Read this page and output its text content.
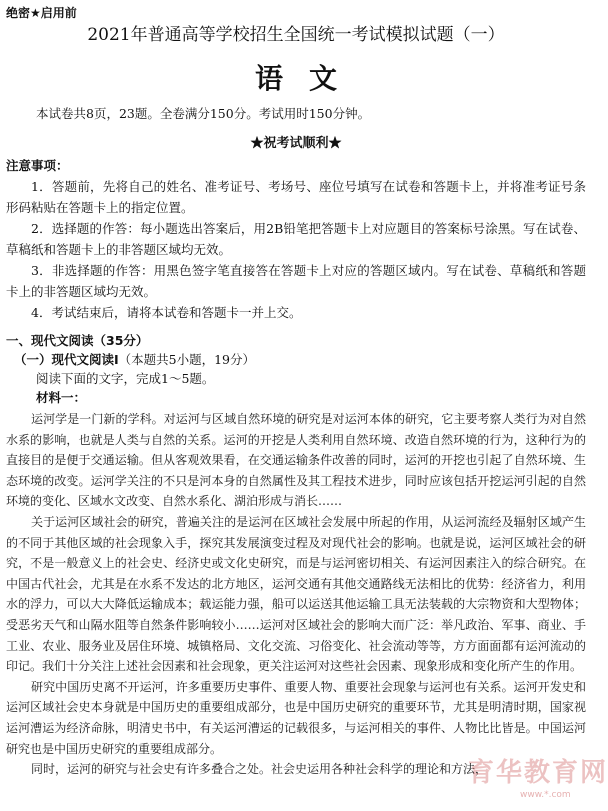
绝密★启用前
2021年普通高等学校招生全国统一考试模拟试题（一）
语文
本试卷共8页，23题。全卷满分150分。考试用时150分钟。
★祝考试顺利★
注意事项：

1．答题前，先将自己的姓名、准考证号、考场号、座位号填写在试卷和答题卡上，并将准考证号条形码粘贴在答题卡上的指定位置。

2．选择题的作答：每小题选出答案后，用2B铅笔把答题卡上对应题目的答案标号涂黑。写在试卷、草稿纸和答题卡上的非答题区域均无效。

3．非选择题的作答：用黑色签字笔直接答在答题卡上对应的答题区域内。写在试卷、草稿纸和答题卡上的非答题区域均无效。

4．考试结束后，请将本试卷和答题卡一并上交。

一、现代文阅读（35分）
（一）现代文阅读Ⅰ（本题共5小题，19分）
阅读下面的文字，完成1～5题。
材料一：

运河学是一门新的学科。对运河与区域自然环境的研究是对运河本体的研究，它主要考察人类行为对自然水系的影响，也就是人类与自然的关系。运河的开挖是人类利用自然环境、改造自然环境的行为，这种行为的直接目的是便于交通运输。但从客观效果看，在交通运输条件改善的同时，运河的开挖也引起了自然环境、生态环境的改变。运河学关注的不只是河本身的自然属性及其工程技术进步，同时应该包括开挖运河引起的自然环境的变化、区域水文改变、自然水系化、湖泊形成与消长……

关于运河区域社会的研究，普遍关注的是运河在区域社会发展中所起的作用，从运河流经及辐射区域产生的不同于其他区域的社会现象入手，探究其发展演变过程及对现代社会的影响。也就是说，运河区域社会的研究，不是一般意义上的社会史、经济史或文化史研究，而是与运河密切相关、有运河因素注入的综合研究。在中国古代社会，尤其是在水系不发达的北方地区，运河交通有其他交通路线无法相比的优势：经济省力，利用水的浮力，可以大大降低运输成本；载运能力强，船可以运送其他运输工具无法装载的大宗物资和大型物体；受恶劣天气和山隔水阻等自然条件影响较小……运河对区域社会的影响大而广泛：举凡政治、军事、商业、手工业、农业、服务业及居住环境、城镇格局、文化交流、习俗变化、社会流动等等，方方面面都有运河流动的印记。我们十分关注上述社会因素和社会现象，更关注运河对这些社会因素、现象形成和变化所产生的作用。

研究中国历史离不开运河，许多重要历史事件、重要人物、重要社会现象与运河也有关系。运河开发史和运河区域社会史本身就是中国历史的重要组成部分，也是中国历史研究的重要环节，尤其是明清时期，国家视运河漕运为经济命脉，明清史书中，有关运河漕运的记载很多，与运河相关的事件、人物比比皆是。中国运河研究也是中国历史研究的重要组成部分。

同时，运河的研究与社会史有许多叠合之处。社会史运用各种社会科学的理论和方法，

育华教育网
www.*.com
